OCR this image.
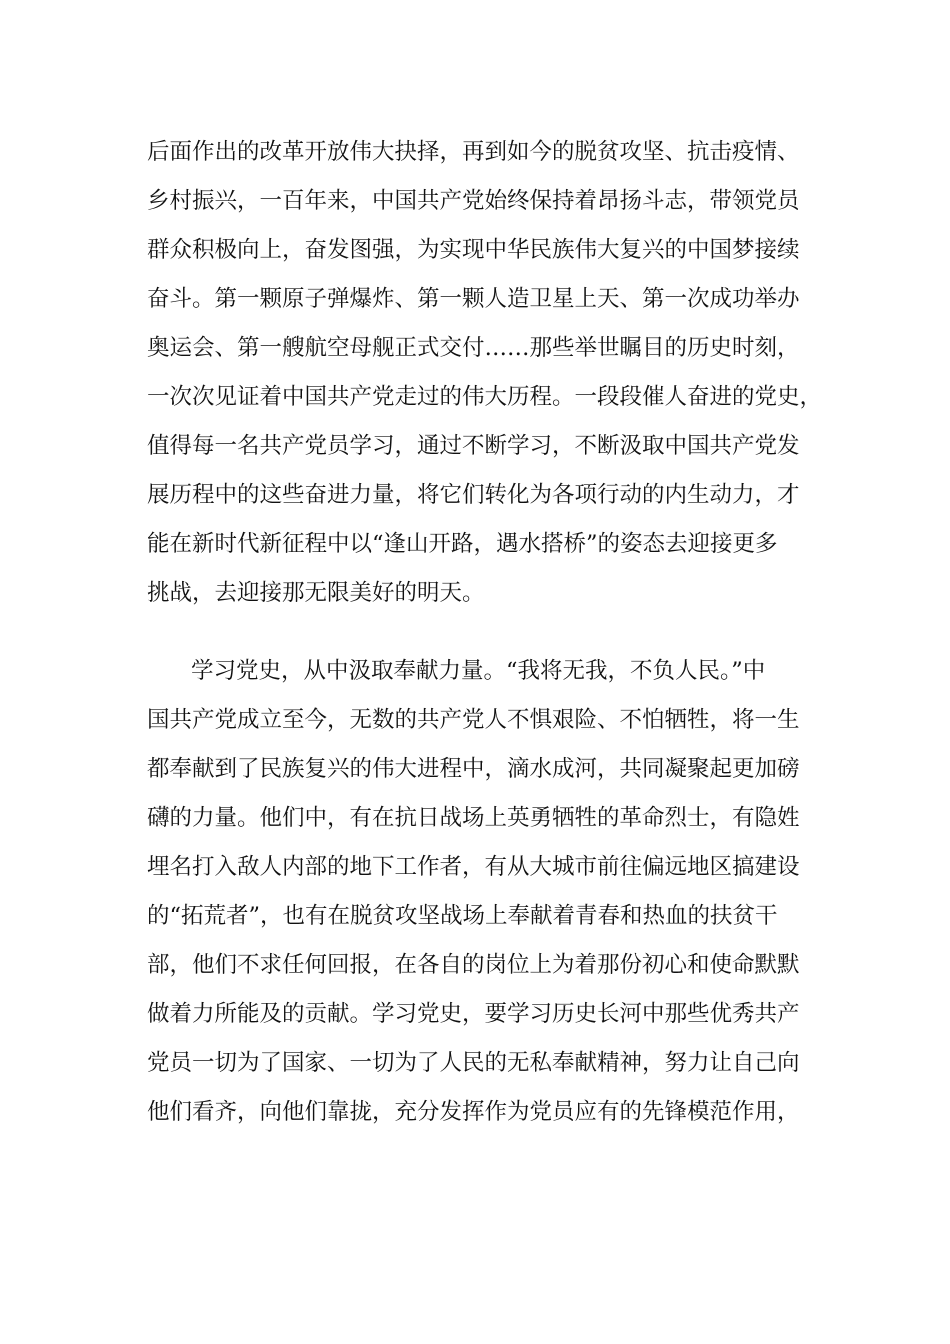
后面作出的改革开放伟大抉择，再到如今的脱贫攻坚、抗击疫情、
乡村振兴，一百年来，中国共产党始终保持着昂扬斗志，带领党员
群众积极向上，奋发图强，为实现中华民族伟大复兴的中国梦接续
奋斗。第一颗原子弹爆炸、第一颗人造卫星上天、第一次成功举办
奥运会、第一艘航空母舰正式交付……那些举世瞩目的历史时刻，
一次次见证着中国共产党走过的伟大历程。一段段催人奋进的党史，
值得每一名共产党员学习，通过不断学习，不断汲取中国共产党发
展历程中的这些奋进力量，将它们转化为各项行动的内生动力，才
能在新时代新征程中以“逢山开路，遇水搭桥”的姿态去迎接更多
挑战，去迎接那无限美好的明天。
学习党史，从中汲取奉献力量。“我将无我，不负人民。”中
国共产党成立至今，无数的共产党人不惧艰险、不怕牺牲，将一生
都奉献到了民族复兴的伟大进程中，滴水成河，共同凝聚起更加磅
礴的力量。他们中，有在抗日战场上英勇牺牲的革命烈士，有隐姓
埋名打入敌人内部的地下工作者，有从大城市前往偏远地区搞建设
的“拓荒者”，也有在脱贫攻坚战场上奉献着青春和热血的扶贫干
部，他们不求任何回报，在各自的岗位上为着那份初心和使命默默
做着力所能及的贡献。学习党史，要学习历史长河中那些优秀共产
党员一切为了国家、一切为了人民的无私奉献精神，努力让自己向
他们看齐，向他们靠拢，充分发挥作为党员应有的先锋模范作用，
